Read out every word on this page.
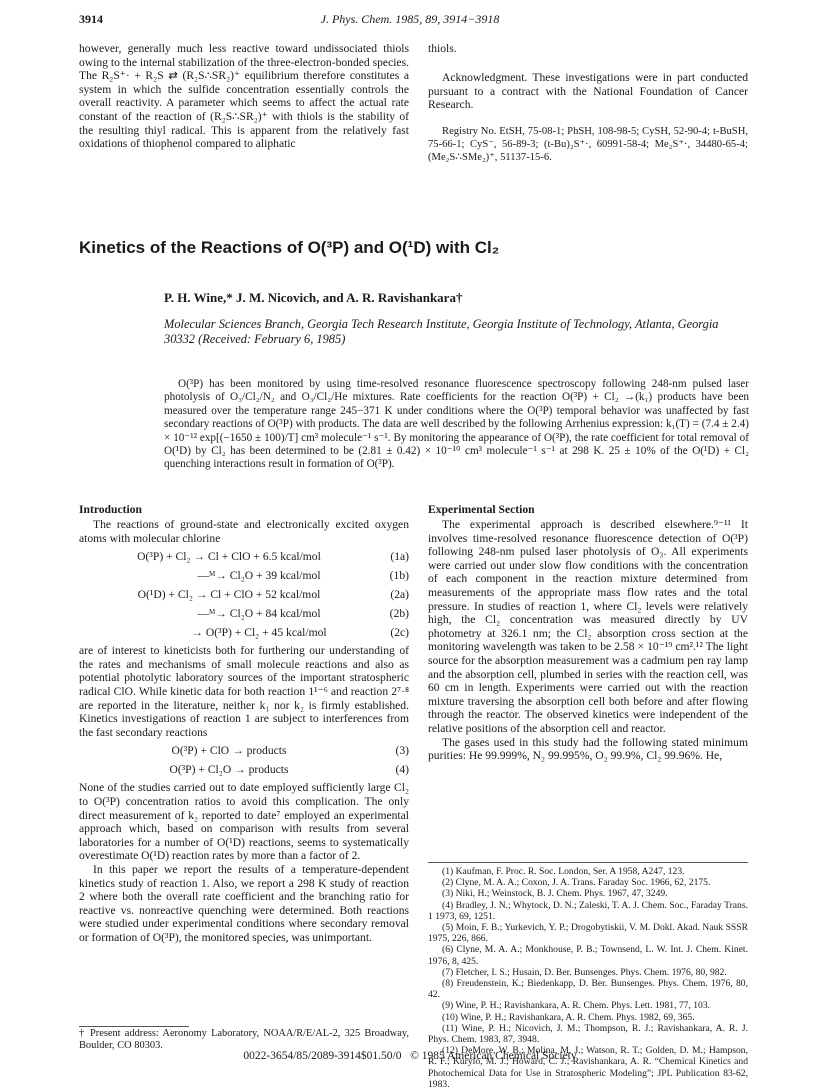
3914	J. Phys. Chem. 1985, 89, 3914−3918

however, generally much less reactive toward undissociated thiols owing to the internal stabilization of the three-electron-bonded species. The R₂S⁺· + R₂S ⇄ (R₂S∴SR₂)⁺ equilibrium therefore constitutes a system in which the sulfide concentration essentially controls the overall reactivity. A parameter which seems to affect the actual rate constant of the reaction of (R₂S∴SR₂)⁺ with thiols is the stability of the resulting thiyl radical. This is apparent from the relatively fast oxidations of thiophenol compared to aliphatic

thiols.

Acknowledgment. These investigations were in part conducted pursuant to a contract with the National Foundation of Cancer Research.

Registry No. EtSH, 75-08-1; PhSH, 108-98-5; CySH, 52-90-4; t-BuSH, 75-66-1; CyS⁻, 56-89-3; (t-Bu)₂S⁺·, 60991-58-4; Me₂S⁺·, 34480-65-4; (Me₂S∴SMe₂)⁺, 51137-15-6.

Kinetics of the Reactions of O(³P) and O(¹D) with Cl₂
P. H. Wine,* J. M. Nicovich, and A. R. Ravishankara†
Molecular Sciences Branch, Georgia Tech Research Institute, Georgia Institute of Technology, Atlanta, Georgia 30332 (Received: February 6, 1985)

O(³P) has been monitored by using time-resolved resonance fluorescence spectroscopy following 248-nm pulsed laser photolysis of O₃/Cl₂/N₂ and O₃/Cl₂/He mixtures. Rate coefficients for the reaction O(³P) + Cl₂ →(k₁) products have been measured over the temperature range 245−371 K under conditions where the O(³P) temporal behavior was unaffected by fast secondary reactions of O(³P) with products. The data are well described by the following Arrhenius expression: k₁(T) = (7.4 ± 2.4) × 10⁻¹² exp[(−1650 ± 100)/T] cm³ molecule⁻¹ s⁻¹. By monitoring the appearance of O(³P), the rate coefficient for total removal of O(¹D) by Cl₂ has been determined to be (2.81 ± 0.42) × 10⁻¹⁰ cm³ molecule⁻¹ s⁻¹ at 298 K. 25 ± 10% of the O(¹D) + Cl₂ quenching interactions result in formation of O(³P).

Introduction

The reactions of ground-state and electronically excited oxygen atoms with molecular chlorine

O(³P) + Cl₂ → Cl + ClO + 6.5 kcal/mol	(1a)
—ᴹ→ Cl₂O + 39 kcal/mol	(1b)
O(¹D) + Cl₂ → Cl + ClO + 52 kcal/mol	(2a)
—ᴹ→ Cl₂O + 84 kcal/mol	(2b)
→ O(³P) + Cl₂ + 45 kcal/mol	(2c)

are of interest to kineticists both for furthering our understanding of the rates and mechanisms of small molecule reactions and also as potential photolytic laboratory sources of the important stratospheric radical ClO. While kinetic data for both reaction 1¹⁻⁶ and reaction 2⁷·⁸ are reported in the literature, neither k₁ nor k₂ is firmly established. Kinetics investigations of reaction 1 are subject to interferences from the fast secondary reactions

O(³P) + ClO → products	(3)
O(³P) + Cl₂O → products	(4)

None of the studies carried out to date employed sufficiently large Cl₂ to O(³P) concentration ratios to avoid this complication. The only direct measurement of k₂ reported to date⁷ employed an experimental approach which, based on comparison with results from several laboratories for a number of O(¹D) reactions, seems to systematically overestimate O(¹D) reaction rates by more than a factor of 2.

In this paper we report the results of a temperature-dependent kinetics study of reaction 1. Also, we report a 298 K study of reaction 2 where both the overall rate coefficient and the branching ratio for reactive vs. nonreactive quenching were determined. Both reactions were studied under experimental conditions where secondary removal or formation of O(³P), the monitored species, was unimportant.

† Present address: Aeronomy Laboratory, NOAA/R/E/AL-2, 325 Broadway, Boulder, CO 80303.

Experimental Section

The experimental approach is described elsewhere.⁹⁻¹¹ It involves time-resolved resonance fluorescence detection of O(³P) following 248-nm pulsed laser photolysis of O₃. All experiments were carried out under slow flow conditions with the concentration of each component in the reaction mixture determined from measurements of the appropriate mass flow rates and the total pressure. In studies of reaction 1, where Cl₂ levels were relatively high, the Cl₂ concentration was measured directly by UV photometry at 326.1 nm; the Cl₂ absorption cross section at the monitoring wavelength was taken to be 2.58 × 10⁻¹⁹ cm².¹² The light source for the absorption measurement was a cadmium pen ray lamp and the absorption cell, plumbed in series with the reaction cell, was 60 cm in length. Experiments were carried out with the reaction mixture traversing the absorption cell both before and after flowing through the reactor. The observed kinetics were independent of the relative positions of the absorption cell and reactor.

The gases used in this study had the following stated minimum purities: He 99.999%, N₂ 99.995%, O₂ 99.9%, Cl₂ 99.96%. He,

(1) Kaufman, F. Proc. R. Soc. London, Ser. A 1958, A247, 123.

(2) Clyne, M. A. A.; Coxon, J. A. Trans. Faraday Soc. 1966, 62, 2175.

(3) Niki, H.; Weinstock, B. J. Chem. Phys. 1967, 47, 3249.

(4) Bradley, J. N.; Whytock, D. N.; Zaleski, T. A. J. Chem. Soc., Faraday Trans. 1 1973, 69, 1251.

(5) Moin, F. B.; Yurkevich, Y. P.; Drogobytiskii, V. M. Dokl. Akad. Nauk SSSR 1975, 226, 866.

(6) Clyne, M. A. A.; Monkhouse, P. B.; Townsend, L. W. Int. J. Chem. Kinet. 1976, 8, 425.

(7) Fletcher, I. S.; Husain, D. Ber. Bunsenges. Phys. Chem. 1976, 80, 982.

(8) Freudenstein, K.; Biedenkapp, D. Ber. Bunsenges. Phys. Chem. 1976, 80, 42.

(9) Wine, P. H.; Ravishankara, A. R. Chem. Phys. Lett. 1981, 77, 103.

(10) Wine, P. H.; Ravishankara, A. R. Chem. Phys. 1982, 69, 365.

(11) Wine, P. H.; Nicovich, J. M.; Thompson, R. J.; Ravishankara, A. R. J. Phys. Chem. 1983, 87, 3948.

(12) DeMore, W. B.; Molina, M. J.; Watson, R. T.; Golden, D. M.; Hampson, R. F.; Kurylo, M. J.; Howard, C. J.; Ravishankara, A. R. “Chemical Kinetics and Photochemical Data for Use in Stratospheric Modeling”; JPL Publication 83-62, 1983.

0022-3654/85/2089-3914$01.50/0   © 1985 American Chemical Society
